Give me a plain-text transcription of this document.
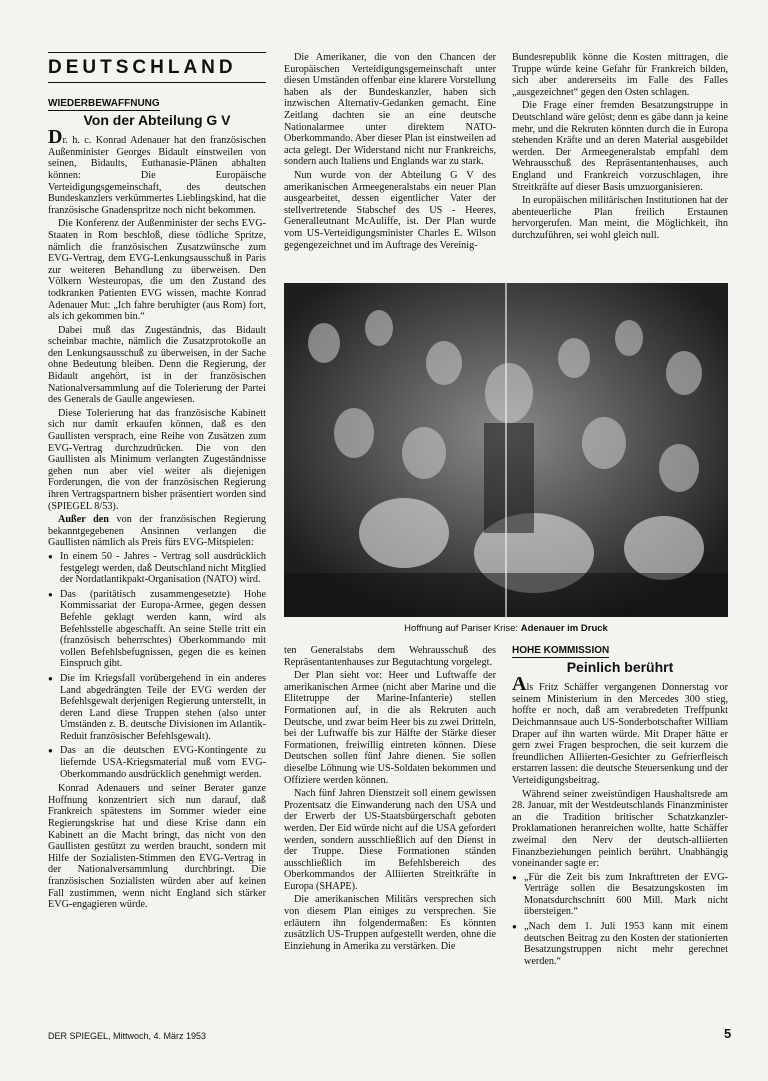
DEUTSCHLAND
WIEDERBEWAFFNUNG
Von der Abteilung G V

Dr. h. c. Konrad Adenauer hat den französischen Außenminister Georges Bidault einstweilen von seinen, Bidaults, Euthanasie-Plänen abhalten können: Die Europäische Verteidigungsgemeinschaft, des deutschen Bundeskanzlers verkümmertes Lieblingskind, hat die französische Gnadenspritze noch nicht bekommen.

Die Konferenz der Außenminister der sechs EVG-Staaten in Rom beschloß, diese tödliche Spritze, nämlich die französischen Zusatzwünsche zum EVG-Vertrag, dem EVG-Lenkungsausschuß in Paris zur weiteren Behandlung zu überweisen. Den Völkern Westeuropas, die um den Zustand des todkranken Patienten EVG wissen, machte Konrad Adenauer Mut: „Ich fahre beruhigter (aus Rom) fort, als ich gekommen bin.“

Dabei muß das Zugeständnis, das Bidault scheinbar machte, nämlich die Zusatzprotokolle an den Lenkungsausschuß zu überweisen, in der Sache ohne Bedeutung bleiben. Denn die Regierung, der Bidault angehört, ist in der französischen Nationalversammlung auf die Tolerierung der Partei des Generals de Gaulle angewiesen.

Diese Tolerierung hat das französische Kabinett sich nur damit erkaufen können, daß es den Gaullisten versprach, eine Reihe von Zusätzen zum EVG-Vertrag durchzudrücken. Die von den Gaullisten als Minimum verlangten Zugeständnisse gehen nun aber viel weiter als diejenigen Forderungen, die von der französischen Regierung ihren Vertragspartnern bisher präsentiert worden sind (SPIEGEL 8/53).

Außer den von der französischen Regierung bekanntgegebenen Ansinnen verlangen die Gaullisten nämlich als Preis fürs EVG-Mitspielen:

● In einem 50 - Jahres - Vertrag soll ausdrücklich festgelegt werden, daß Deutschland nicht Mitglied der Nordatlantikpakt-Organisation (NATO) wird.
● Das (paritätisch zusammengesetzte) Hohe Kommissariat der Europa-Armee, gegen dessen Befehle geklagt werden kann, wird als Befehlsstelle abgeschafft. An seine Stelle tritt ein (französisch beherrschtes) Oberkommando mit vollen Befehlsbefugnissen, gegen die es keinen Einspruch gibt.
● Die im Kriegsfall vorübergehend in ein anderes Land abgedrängten Teile der EVG werden der Befehlsgewalt derjenigen Regierung unterstellt, in deren Land diese Truppen stehen (also unter Umständen z. B. deutsche Divisionen im Atlantik-Reduit französischer Befehlsgewalt).
● Das an die deutschen EVG-Kontingente zu liefernde USA-Kriegsmaterial muß vom EVG-Oberkommando ausdrücklich genehmigt werden.

Konrad Adenauers und seiner Berater ganze Hoffnung konzentriert sich nun darauf, daß Frankreich spätestens im Sommer wieder eine Regierungskrise hat und diese Krise dann ein Kabinett an die Macht bringt, das nicht von den Gaullisten gestützt zu werden braucht, sondern mit Hilfe der Sozialisten-Stimmen den EVG-Vertrag in der Nationalversammlung durchbringt. Die französischen Sozialisten würden aber auf keinen Fall zustimmen, wenn nicht England sich stärker EVG-engagieren würde.

Die Amerikaner, die von den Chancen der Europäischen Verteidigungsgemeinschaft unter diesen Umständen offenbar eine klarere Vorstellung haben als der Bundeskanzler, haben sich inzwischen Alternativ-Gedanken gemacht. Eine Zeitlang dachten sie an eine deutsche Nationalarmee unter direktem NATO-Oberkommando. Aber dieser Plan ist einstweilen ad acta gelegt. Der Widerstand nicht nur Frankreichs, sondern auch Italiens und Englands war zu stark.

Nun wurde von der Abteilung G V des amerikanischen Armeegeneralstabs ein neuer Plan ausgearbeitet, dessen eigentlicher Vater der stellvertretende Stabschef des US - Heeres, Generalleutnant McAuliffe, ist. Der Plan wurde vom US-Verteidigungsminister Charles E. Wilson gegengezeichnet und im Auftrage des Vereinig-

Bundesrepublik könne die Kosten mittragen, die Truppe würde keine Gefahr für Frankreich bilden, sich aber andererseits im Falle des Falles „ausgezeichnet“ gegen den Osten schlagen.

Die Frage einer fremden Besatzungstruppe in Deutschland wäre gelöst; denn es gäbe dann ja keine mehr, und die Rekruten könnten durch die in Europa stehenden Kräfte und an deren Material ausgebildet werden. Der Armeegeneralstab empfahl dem Wehrausschuß des Repräsentantenhauses, auch England und Frankreich vorzuschlagen, ihre Streitkräfte auf dieser Basis umzuorganisieren.

In europäischen militärischen Institutionen hat der abenteuerliche Plan freilich Erstaunen hervorgerufen. Man meint, die Möglichkeit, ihn durchzuführen, sei wohl gleich null.

Hoffnung auf Pariser Krise: Adenauer im Druck

ten Generalstabs dem Wehrausschuß des Repräsentantenhauses zur Begutachtung vorgelegt.

Der Plan sieht vor: Heer und Luftwaffe der amerikanischen Armee (nicht aber Marine und die Elitetruppe der Marine-Infanterie) stellen Formationen auf, in die als Rekruten auch Deutsche, und zwar beim Heer bis zu zwei Dritteln, bei der Luftwaffe bis zur Hälfte der Stärke dieser Formationen, freiwillig eintreten können. Diese Deutschen sollen fünf Jahre dienen. Sie sollen dieselbe Löhnung wie US-Soldaten bekommen und Offiziere werden können.

Nach fünf Jahren Dienstzeit soll einem gewissen Prozentsatz die Einwanderung nach den USA und der Erwerb der US-Staatsbürgerschaft geboten werden. Der Eid würde nicht auf die USA gefordert werden, sondern ausschließlich auf den Dienst in der Truppe. Diese Formationen ständen ausschließlich im Befehlsbereich des Oberkommandos der Alliierten Streitkräfte in Europa (SHAPE).

Die amerikanischen Militärs versprechen sich von diesem Plan einiges zu versprechen. Sie erläutern ihn folgendermaßen: Es könnten zusätzlich US-Truppen aufgestellt werden, ohne die Einziehung in Amerika zu verstärken. Die

HOHE KOMMISSION
Peinlich berührt

Als Fritz Schäffer vergangenen Donnerstag vor seinem Ministerium in den Mercedes 300 stieg, hoffte er noch, daß am verabredeten Treffpunkt Deichmannsaue auch US-Sonderbotschafter William Draper auf ihn warten würde. Mit Draper hätte er gern zwei Fragen besprochen, die seit kurzem die freundlichen Alliierten-Gesichter zu Gefrierfleisch erstarren lassen: die deutsche Steuersenkung und der Verteidigungsbeitrag.

Während seiner zweistündigen Haushaltsrede am 28. Januar, mit der Westdeutschlands Finanzminister an die Tradition britischer Schatzkanzler-Proklamationen heranreichen wollte, hatte Schäffer zweimal den Nerv der deutsch-alliierten Finanzbeziehungen peinlich berührt. Unabhängig voneinander sagte er:

● „Für die Zeit bis zum Inkrafttreten der EVG-Verträge sollen die Besatzungskosten im Monatsdurchschnitt 600 Mill. Mark nicht übersteigen.“
● „Nach dem 1. Juli 1953 kann mit einem deutschen Beitrag zu den Kosten der stationierten Besatzungstruppen nicht mehr gerechnet werden.“
DER SPIEGEL, Mittwoch, 4. März 1953	5
